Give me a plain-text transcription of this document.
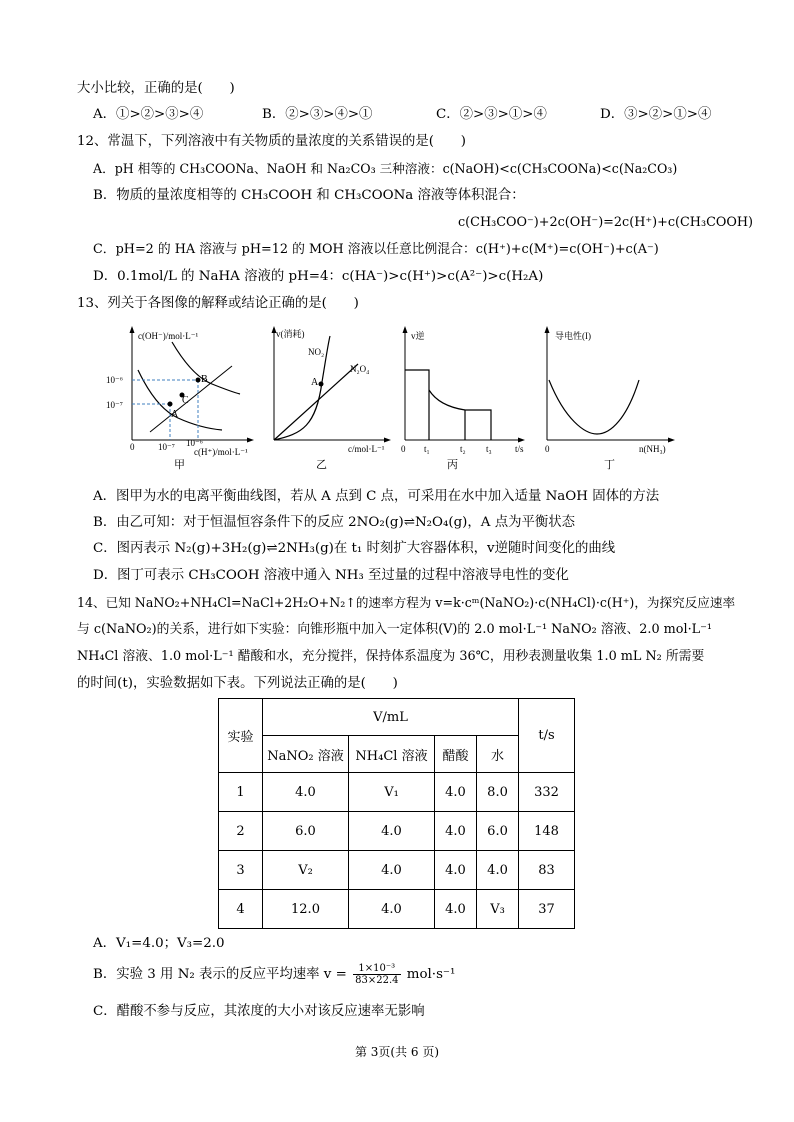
大小比较，正确的是(　　)
A．①>②>③>④	B．②>③>④>①	C．②>③>①>④	D．③>②>①>④
12、常温下，下列溶液中有关物质的量浓度的关系错误的是(　　)
A．pH 相等的 CH₃COONa、NaOH 和 Na₂CO₃ 三种溶液：c(NaOH)<c(CH₃COONa)<c(Na₂CO₃)
B．物质的量浓度相等的 CH₃COOH 和 CH₃COONa 溶液等体积混合：
c(CH₃COO⁻)+2c(OH⁻)=2c(H⁺)+c(CH₃COOH)
C．pH=2 的 HA 溶液与 pH=12 的 MOH 溶液以任意比例混合：c(H⁺)+c(M⁺)=c(OH⁻)+c(A⁻)
D．0.1mol/L 的 NaHA 溶液的 pH=4：c(HA⁻)>c(H⁺)>c(A²⁻)>c(H₂A)
13、列关于各图像的解释或结论正确的是(　　)
A
B
C
c(OH⁻)/mol·L⁻¹
c(H⁺)/mol·L⁻¹
10⁻⁶
10⁻⁷
10⁻⁷ 10⁻⁶
0
甲
A
NO₂
N₂O₄
v(消耗)
c/mol·L⁻¹
乙
v逆
t/s
0 t₁	t₂ t₃
丙
导电性(I)
n(NH₃)
0
丁
A．图甲为水的电离平衡曲线图，若从 A 点到 C 点，可采用在水中加入适量 NaOH 固体的方法
B．由乙可知：对于恒温恒容条件下的反应 2NO₂(g)⇌N₂O₄(g)，A 点为平衡状态
C．图丙表示 N₂(g)+3H₂(g)⇌2NH₃(g)在 t₁ 时刻扩大容器体积，v逆随时间变化的曲线
D．图丁可表示 CH₃COOH 溶液中通入 NH₃ 至过量的过程中溶液导电性的变化
14、已知 NaNO₂+NH₄Cl=NaCl+2H₂O+N₂↑的速率方程为 v=k·cᵐ(NaNO₂)·c(NH₄Cl)·c(H⁺)，为探究反应速率
与 c(NaNO₂)的关系，进行如下实验：向锥形瓶中加入一定体积(V)的 2.0 mol·L⁻¹ NaNO₂ 溶液、2.0 mol·L⁻¹
NH₄Cl 溶液、1.0 mol·L⁻¹ 醋酸和水，充分搅拌，保持体系温度为 36℃，用秒表测量收集 1.0 mL N₂ 所需要
的时间(t)，实验数据如下表。下列说法正确的是(　　)
实验	V/mL				t/s
	NaNO₂ 溶液	NH₄Cl 溶液	醋酸	水	
1	4.0	V₁	4.0	8.0	332
2	6.0	4.0	4.0	6.0	148
3	V₂	4.0	4.0	4.0	83
4	12.0	4.0	4.0	V₃	37
A．V₁=4.0；V₃=2.0
B．实验 3 用 N₂ 表示的反应平均速率 $v = \frac{\text{1×10⁻³}}{83\times 22.4} mol\cdot s^{-1}$
C．醋酸不参与反应，其浓度的大小对该反应速率无影响
第 3页(共 6 页)
